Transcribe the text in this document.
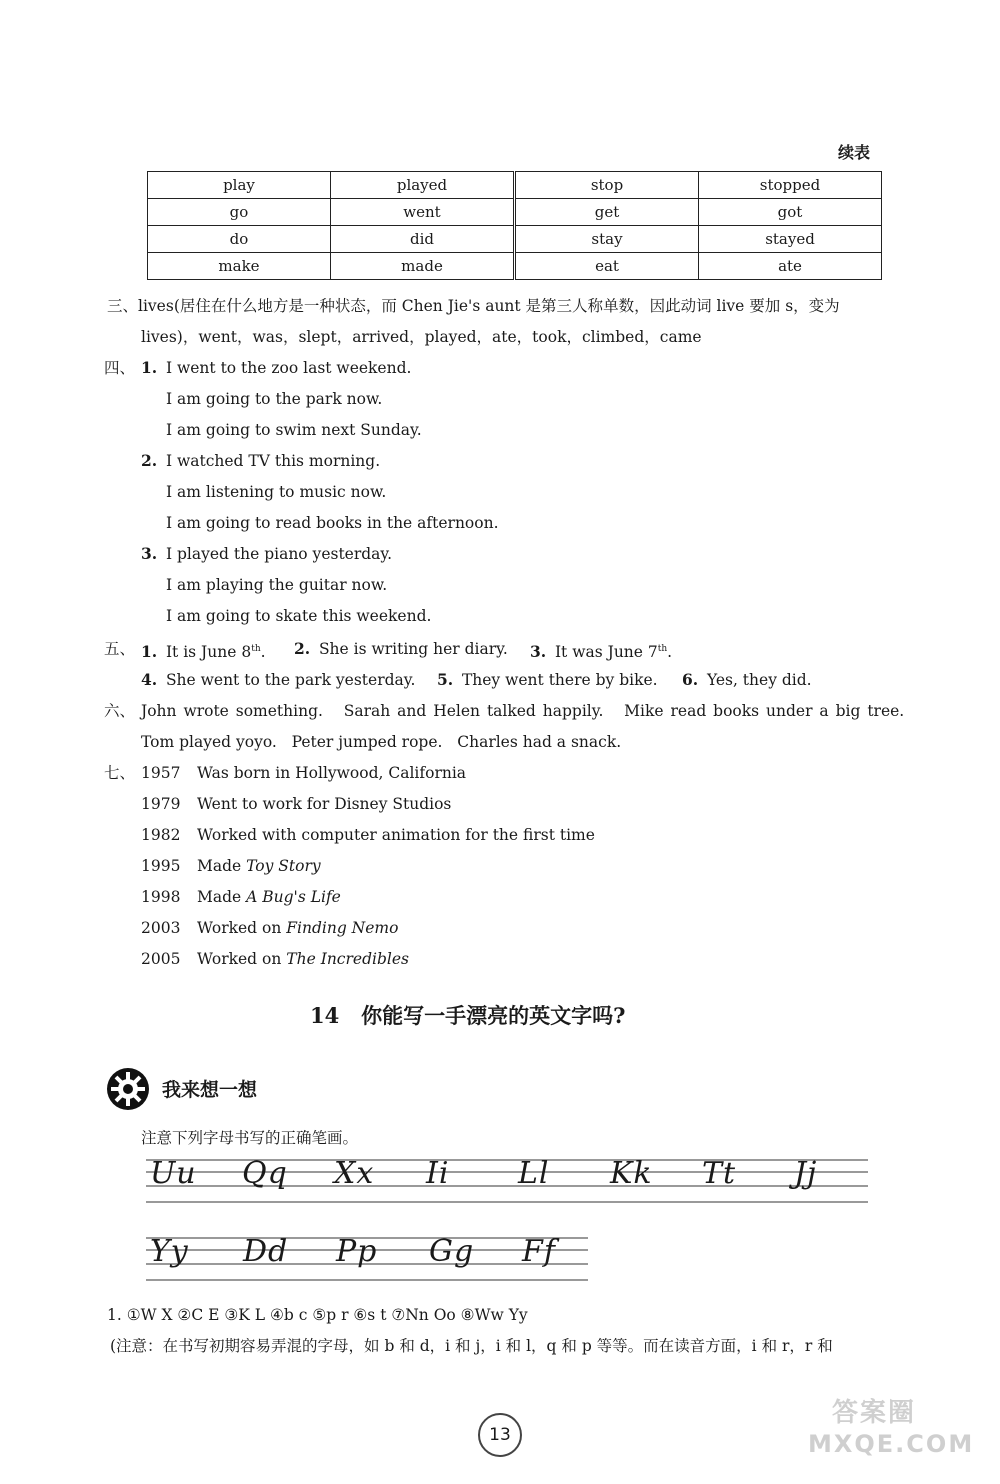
续表
play	played	stop	stopped
go	went	get	got
do	did	stay	stayed
make	made	eat	ate
三、lives(居住在什么地方是一种状态，而 Chen Jie's aunt 是第三人称单数，因此动词 live 要加 s，变为
lives)，went，was，slept，arrived，played，ate，took，climbed，came
四、 1. I went to the zoo last weekend.
I am going to the park now.
I am going to swim next Sunday.
2. I watched TV this morning.
I am listening to music now.
I am going to read books in the afternoon.
3. I played the piano yesterday.
I am playing the guitar now.
I am going to skate this weekend.
五、 1. It is June 8th. 2. She is writing her diary. 3. It was June 7th.
4. She went to the park yesterday. 5. They went there by bike. 6. Yes, they did.
六、 John wrote something. Sarah and Helen talked happily. Mike read books under a big tree.
Tom played yoyo. Peter jumped rope. Charles had a snack.
七、 1957 Was born in Hollywood, California
1979 Went to work for Disney Studios
1982 Worked with computer animation for the first time
1995 Made Toy Story
1998 Made A Bug's Life
2003 Worked on Finding Nemo
2005 Worked on The Incredibles
14 你能写一手漂亮的英文字吗?
我来想一想
注意下列字母书写的正确笔画。
Uu Qq Xx Ii Ll Kk Tt Jj
Yy Dd Pp Gg Ff
1. ①W X ②C E ③K L ④b c ⑤p r ⑥s t ⑦Nn Oo ⑧Ww Yy
(注意：在书写初期容易弄混的字母，如 b 和 d，i 和 j，i 和 l，q 和 p 等等。而在读音方面，i 和 r，r 和
13
答案圈
MXQE.COM
